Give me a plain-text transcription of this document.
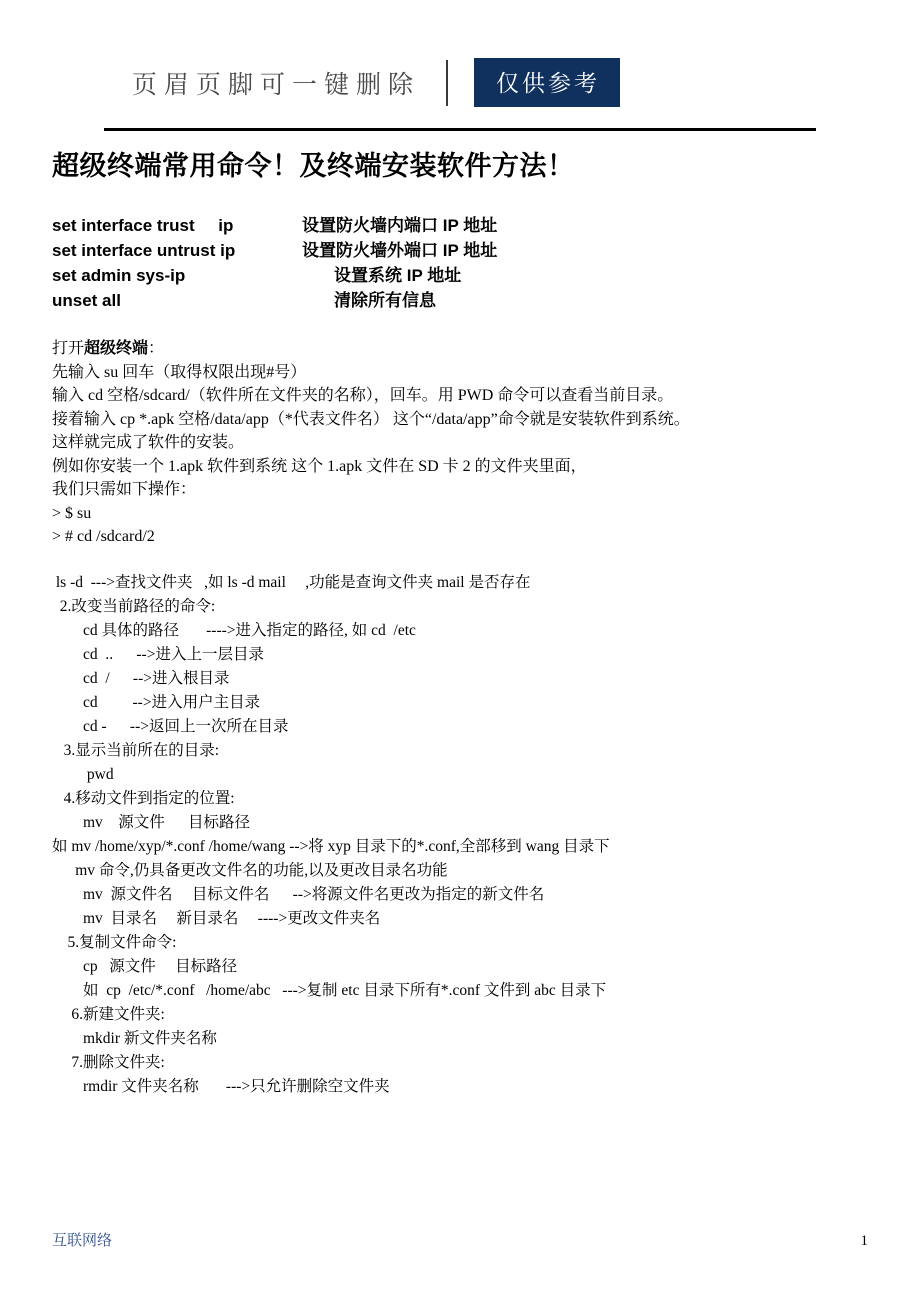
页眉页脚可一键删除	仅供参考
超级终端常用命令！及终端安装软件方法！
set interface trust     ip	设置防火墙内端口 IP 地址
set interface untrust ip	设置防火墙外端口 IP 地址
set admin sys-ip	设置系统 IP 地址
unset all	清除所有信息

打开超级终端：

先输入 su 回车（取得权限出现#号）

输入 cd 空格/sdcard/（软件所在文件夹的名称），回车。用 PWD 命令可以查看当前目录。

接着输入 cp *.apk 空格/data/app（*代表文件名） 这个“/data/app”命令就是安装软件到系统。

这样就完成了软件的安装。

例如你安装一个 1.apk 软件到系统 这个 1.apk 文件在 SD 卡 2 的文件夹里面，

我们只需如下操作：

> $ su

> # cd /sdcard/2

ls -d  --->查找文件夹   ,如 ls -d mail     ,功能是查询文件夹 mail 是否存在

2.改变当前路径的命令:

cd 具体的路径       ---->进入指定的路径, 如 cd  /etc

cd  ..      -->进入上一层目录

cd  /      -->进入根目录

cd         -->进入用户主目录

cd -      -->返回上一次所在目录

3.显示当前所在的目录:

pwd

4.移动文件到指定的位置:

mv    源文件      目标路径

如 mv /home/xyp/*.conf /home/wang -->将 xyp 目录下的*.conf,全部移到 wang 目录下

mv 命令,仍具备更改文件名的功能,以及更改目录名功能

mv  源文件名     目标文件名      -->将源文件名更改为指定的新文件名

mv  目录名     新目录名     ---->更改文件夹名

5.复制文件命令:

cp   源文件     目标路径

如  cp  /etc/*.conf   /home/abc   --->复制 etc 目录下所有*.conf 文件到 abc 目录下

6.新建文件夹:

mkdir 新文件夹名称

7.删除文件夹:

rmdir 文件夹名称       --->只允许删除空文件夹

互联网络	1
